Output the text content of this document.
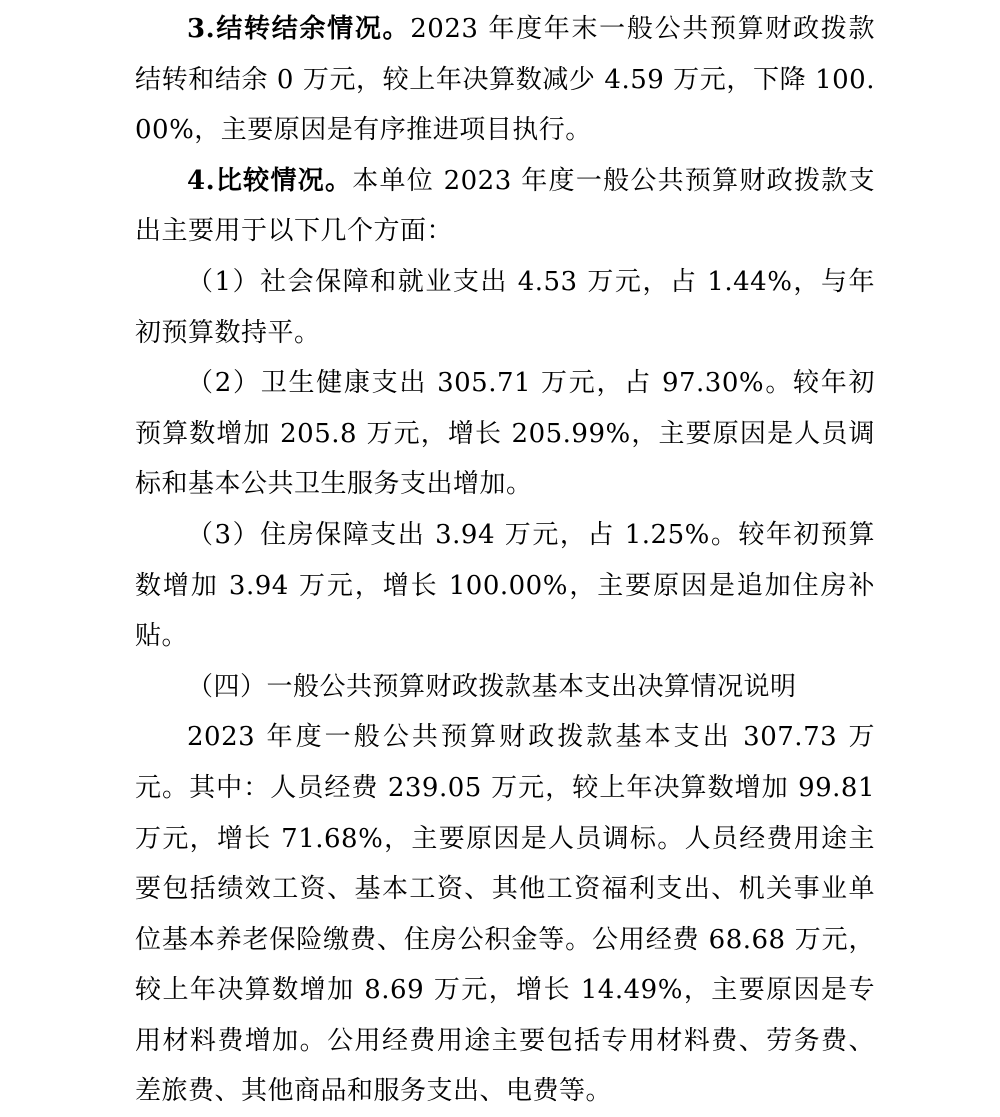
3.结转结余情况。2023 年度年末一般公共预算财政拨款结转和结余 0 万元，较上年决算数减少 4.59 万元，下降 100.00%，主要原因是有序推进项目执行。

4.比较情况。本单位 2023 年度一般公共预算财政拨款支出主要用于以下几个方面：

（1）社会保障和就业支出 4.53 万元，占 1.44%，与年初预算数持平。

（2）卫生健康支出 305.71 万元，占 97.30%。较年初预算数增加 205.8 万元，增长 205.99%，主要原因是人员调标和基本公共卫生服务支出增加。

（3）住房保障支出 3.94 万元，占 1.25%。较年初预算数增加 3.94 万元，增长 100.00%，主要原因是追加住房补贴。

（四）一般公共预算财政拨款基本支出决算情况说明

2023 年度一般公共预算财政拨款基本支出 307.73 万元。其中：人员经费 239.05 万元，较上年决算数增加 99.81 万元，增长 71.68%，主要原因是人员调标。人员经费用途主要包括绩效工资、基本工资、其他工资福利支出、机关事业单位基本养老保险缴费、住房公积金等。公用经费 68.68 万元，较上年决算数增加 8.69 万元，增长 14.49%，主要原因是专用材料费增加。公用经费用途主要包括专用材料费、劳务费、差旅费、其他商品和服务支出、电费等。
